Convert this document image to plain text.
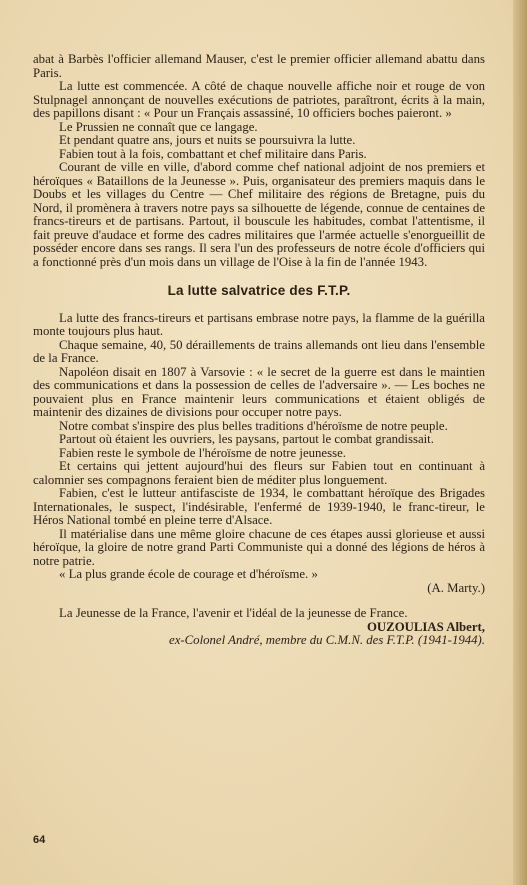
abat à Barbès l'officier allemand Mauser, c'est le premier officier allemand abattu dans Paris.

La lutte est commencée. A côté de chaque nouvelle affiche noir et rouge de von Stulpnagel annonçant de nouvelles exécutions de patriotes, paraîtront, écrits à la main, des papillons disant : « Pour un Français assassiné, 10 officiers boches paieront. »

Le Prussien ne connaît que ce langage.

Et pendant quatre ans, jours et nuits se poursuivra la lutte.

Fabien tout à la fois, combattant et chef militaire dans Paris.

Courant de ville en ville, d'abord comme chef national adjoint de nos premiers et héroïques « Bataillons de la Jeunesse ». Puis, organisateur des premiers maquis dans le Doubs et les villages du Centre — Chef militaire des régions de Bretagne, puis du Nord, il promènera à travers notre pays sa silhouette de légende, connue de centaines de francs-tireurs et de partisans. Partout, il bouscule les habitudes, combat l'attentisme, il fait preuve d'audace et forme des cadres militaires que l'armée actuelle s'enorgueillit de posséder encore dans ses rangs. Il sera l'un des professeurs de notre école d'officiers qui a fonctionné près d'un mois dans un village de l'Oise à la fin de l'année 1943.

La lutte salvatrice des F.T.P.

La lutte des francs-tireurs et partisans embrase notre pays, la flamme de la guérilla monte toujours plus haut.

Chaque semaine, 40, 50 déraillements de trains allemands ont lieu dans l'ensemble de la France.

Napoléon disait en 1807 à Varsovie : « le secret de la guerre est dans le maintien des communications et dans la possession de celles de l'adversaire ». — Les boches ne pouvaient plus en France maintenir leurs communications et étaient obligés de maintenir des dizaines de divisions pour occuper notre pays.

Notre combat s'inspire des plus belles traditions d'héroïsme de notre peuple.

Partout où étaient les ouvriers, les paysans, partout le combat grandissait.

Fabien reste le symbole de l'héroïsme de notre jeunesse.

Et certains qui jettent aujourd'hui des fleurs sur Fabien tout en continuant à calomnier ses compagnons feraient bien de méditer plus longuement.

Fabien, c'est le lutteur antifasciste de 1934, le combattant héroïque des Brigades Internationales, le suspect, l'indésirable, l'enfermé de 1939-1940, le franc-tireur, le Héros National tombé en pleine terre d'Alsace.

Il matérialise dans une même gloire chacune de ces étapes aussi glorieuse et aussi héroïque, la gloire de notre grand Parti Communiste qui a donné des légions de héros à notre patrie.

« La plus grande école de courage et d'héroïsme. »

(A. Marty.)

La Jeunesse de la France, l'avenir et l'idéal de la jeunesse de France.

OUZOULIAS Albert,

ex-Colonel André, membre du C.M.N. des F.T.P. (1941-1944).

64
